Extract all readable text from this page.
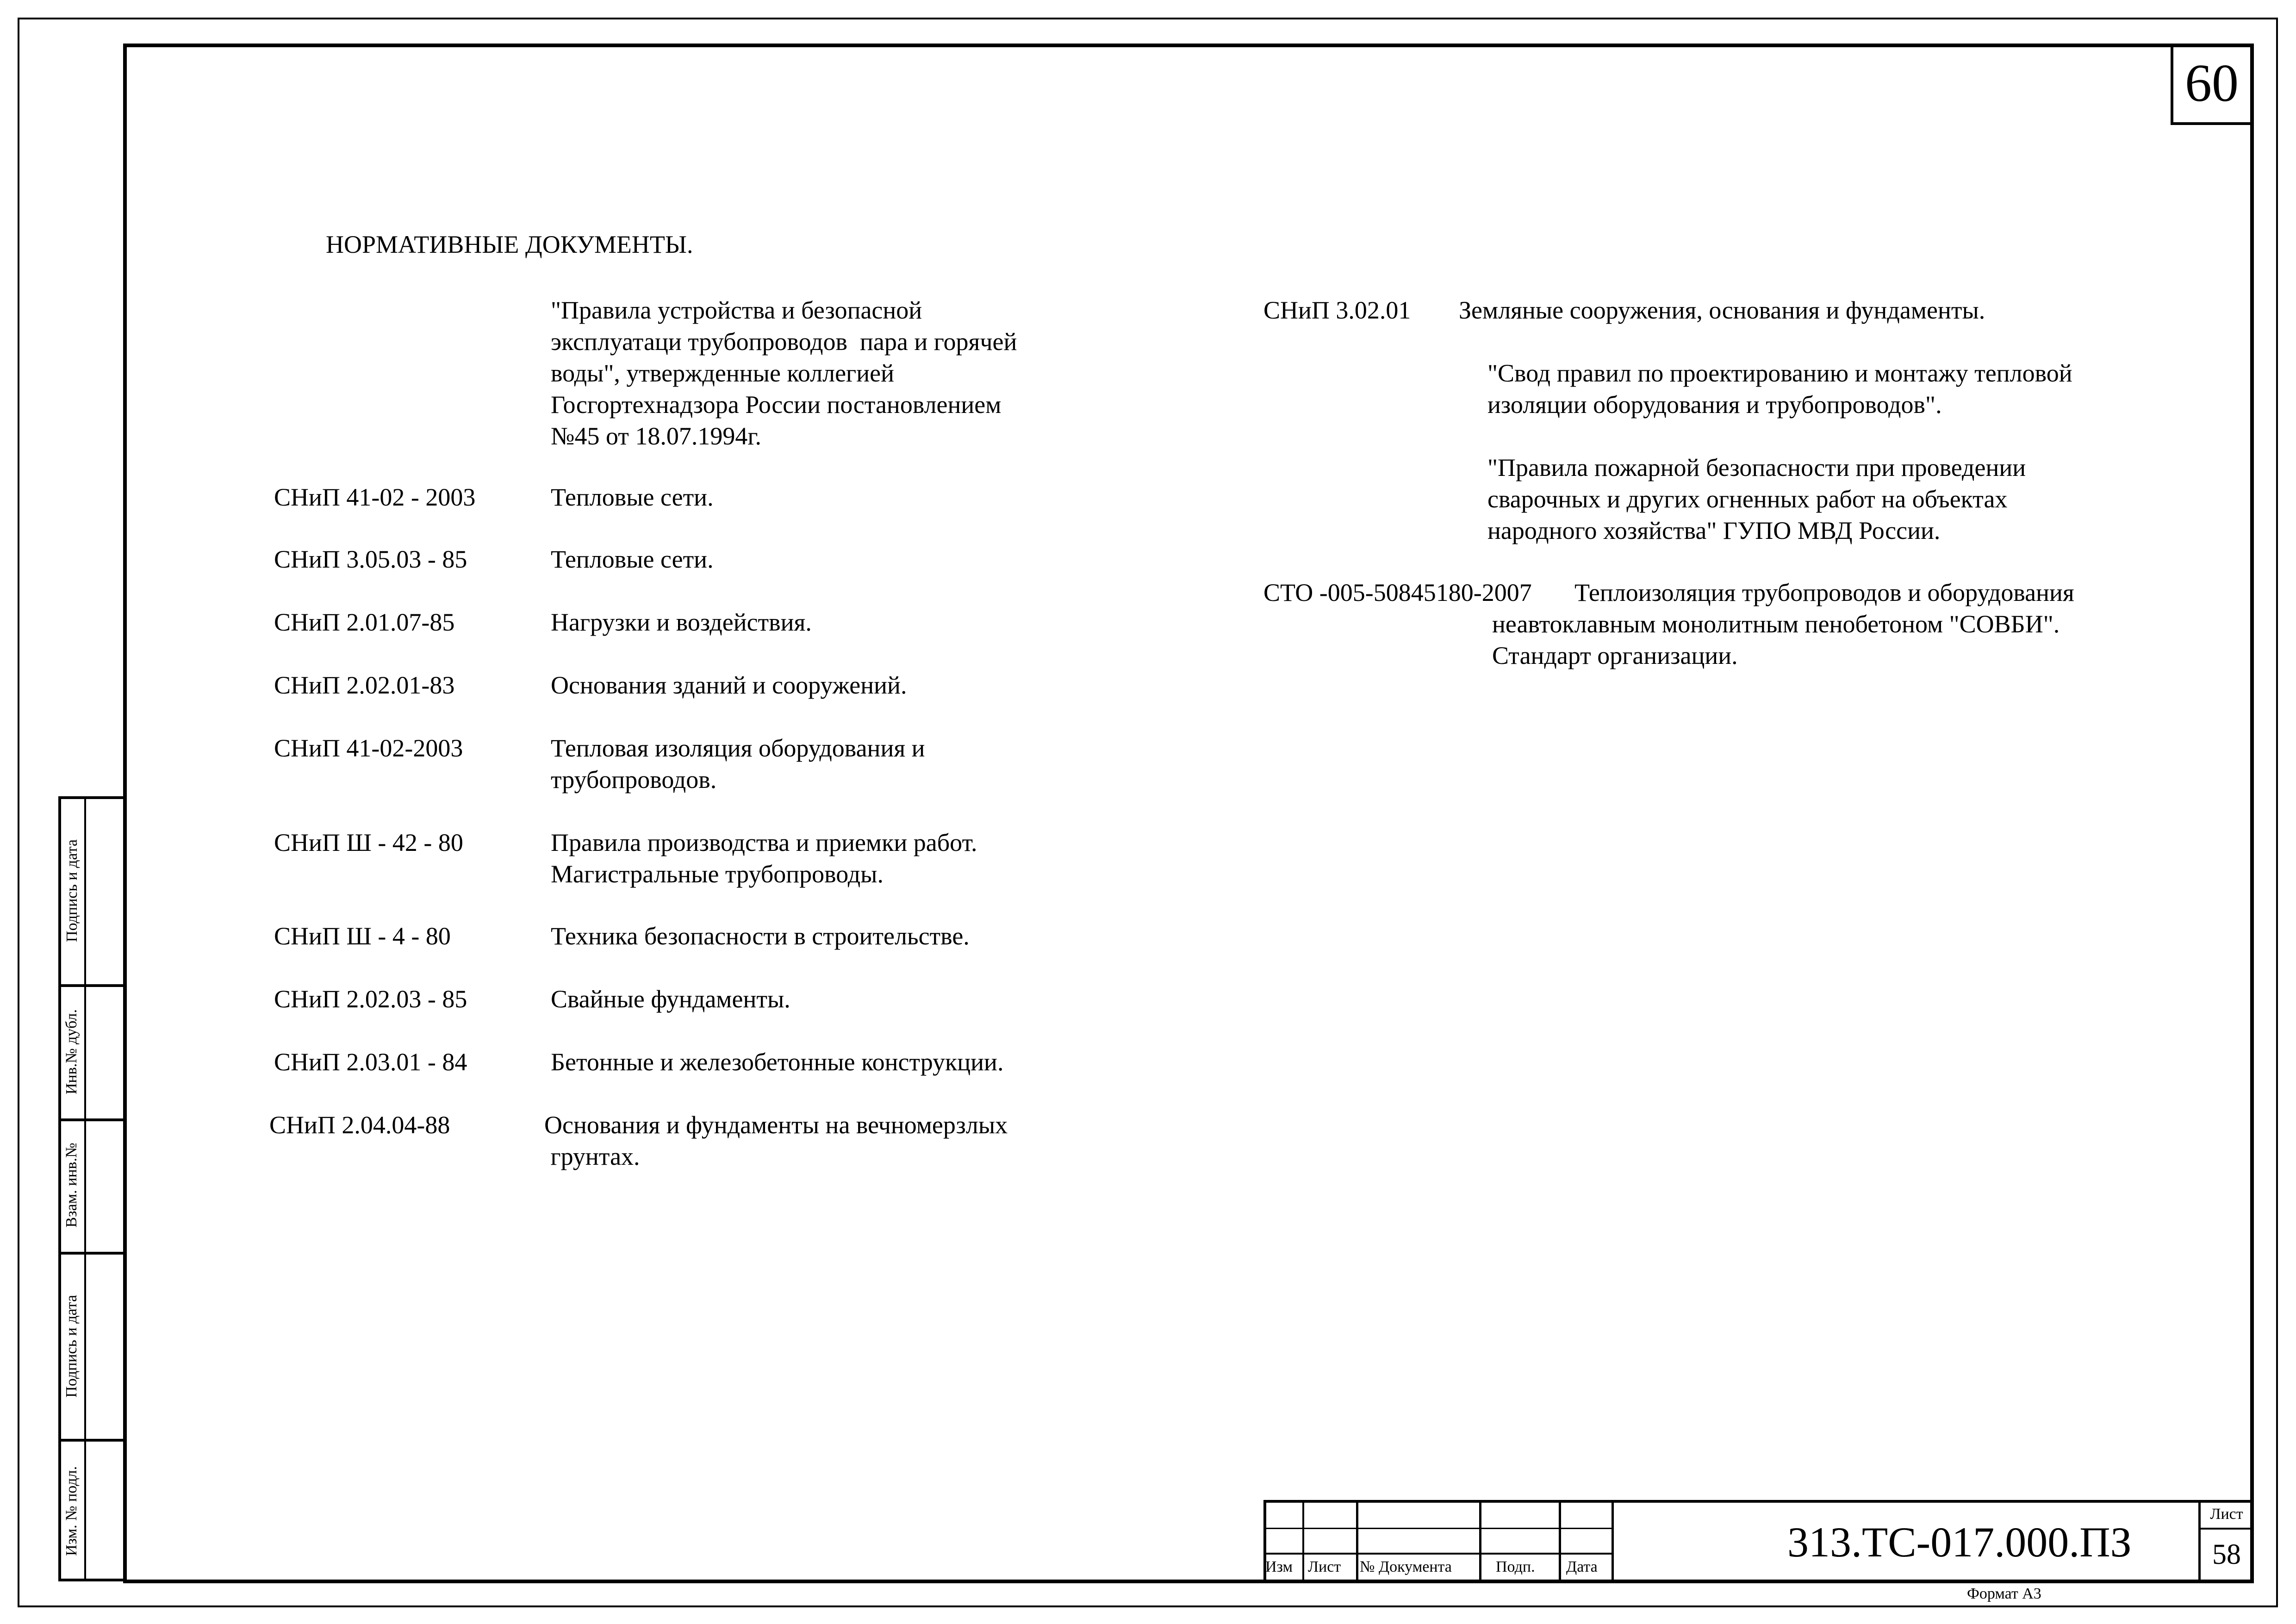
60
НОРМАТИВНЫЕ ДОКУМЕНТЫ.
"Правила устройства и безопасной
эксплуатаци трубопроводов  пара и горячей
воды", утвержденные коллегией
Госгортехнадзора России постановлением
№45 от 18.07.1994г.
СНиП 41-02 - 2003	Тепловые сети.
СНиП 3.05.03 - 85	Тепловые сети.
СНиП 2.01.07-85	Нагрузки и воздействия.
СНиП 2.02.01-83	Основания зданий и сооружений.
СНиП 41-02-2003	Тепловая изоляция оборудования и
трубопроводов.
СНиП Ш - 42 - 80	Правила производства и приемки работ.
Магистральные трубопроводы.
СНиП Ш - 4 - 80	Техника безопасности в строительстве.
СНиП 2.02.03 - 85	Свайные фундаменты.
СНиП 2.03.01 - 84	Бетонные и железобетонные конструкции.
СНиП 2.04.04-88	Основания и фундаменты на вечномерзлых
грунтах.
СНиП 3.02.01 Земляные сооружения, основания и фундаменты.
"Свод правил по проектированию и монтажу тепловой
изоляции оборудования и трубопроводов".
"Правила пожарной безопасности при проведении
сварочных и других огненных работ на объектах
народного хозяйства" ГУПО МВД России.
СТО -005-50845180-2007 Теплоизоляция трубопроводов и оборудования
неавтоклавным монолитным пенобетоном "СОВБИ".
Стандарт организации.
Подпись и дата
Инв.№ дубл.
Взам. инв.№
Подпись и дата
Изм. № подл.
Изм Лист № Документа	Подп. Дата
313.ТС-017.000.ПЗ
Лист
58
Формат А3
